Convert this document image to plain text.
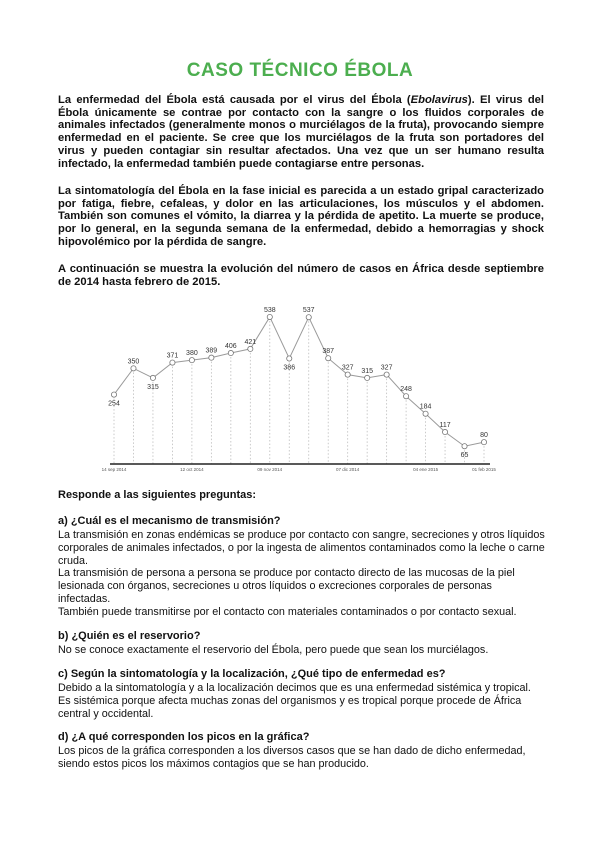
CASO TÉCNICO ÉBOLA
La enfermedad del Ébola está causada por el virus del Ébola (Ebolavirus). El virus del Ébola únicamente se contrae por contacto con la sangre o los fluidos corporales de animales infectados (generalmente monos o murciélagos de la fruta), provocando siempre enfermedad en el paciente. Se cree que los murciélagos de la fruta son portadores del virus y pueden contagiar sin resultar afectados. Una vez que un ser humano resulta infectado, la enfermedad también puede contagiarse entre personas.
La sintomatología del Ébola en la fase inicial es parecida a un estado gripal caracterizado por fatiga, fiebre, cefaleas, y dolor en las articulaciones, los músculos y el abdomen. También son comunes el vómito, la diarrea y la pérdida de apetito. La muerte se produce, por lo general, en la segunda semana de la enfermedad, debido a hemorragias y shock hipovolémico por la pérdida de sangre.
A continuación se muestra la evolución del número de casos en África desde septiembre de 2014 hasta febrero de 2015.
254
350
315
371 380 389
406
421
538
386
537
387
327 315 327
248
184
117
65
80
14 sep 2014	12 oct 2014	09 nov 2014	07 dic 2014	04 ene 2015	01 feb 2015
Responde a las siguientes preguntas:
a) ¿Cuál es el mecanismo de transmisión?

La transmisión en zonas endémicas se produce por contacto con sangre, secreciones y otros líquidos corporales de animales infectados, o por la ingesta de alimentos contaminados como la leche o carne cruda.

La transmisión de persona a persona se produce por contacto directo de las mucosas de la piel lesionada con órganos, secreciones u otros líquidos o excreciones corporales de personas infectadas.

También puede transmitirse por el contacto con materiales contaminados o por contacto sexual.

b) ¿Quién es el reservorio?

No se conoce exactamente el reservorio del Ébola, pero puede que sean los murciélagos.

c) Según la sintomatología y la localización, ¿Qué tipo de enfermedad es?

Debido a la sintomatología y a la localización decimos que es una enfermedad sistémica y tropical. Es sistémica porque afecta muchas zonas del organismos y es tropical porque procede de África central y occidental.

d) ¿A qué corresponden los picos en la gráfica?

Los picos de la gráfica corresponden a los diversos casos que se han dado de dicho enfermedad, siendo estos picos los máximos contagios que se han producido.
